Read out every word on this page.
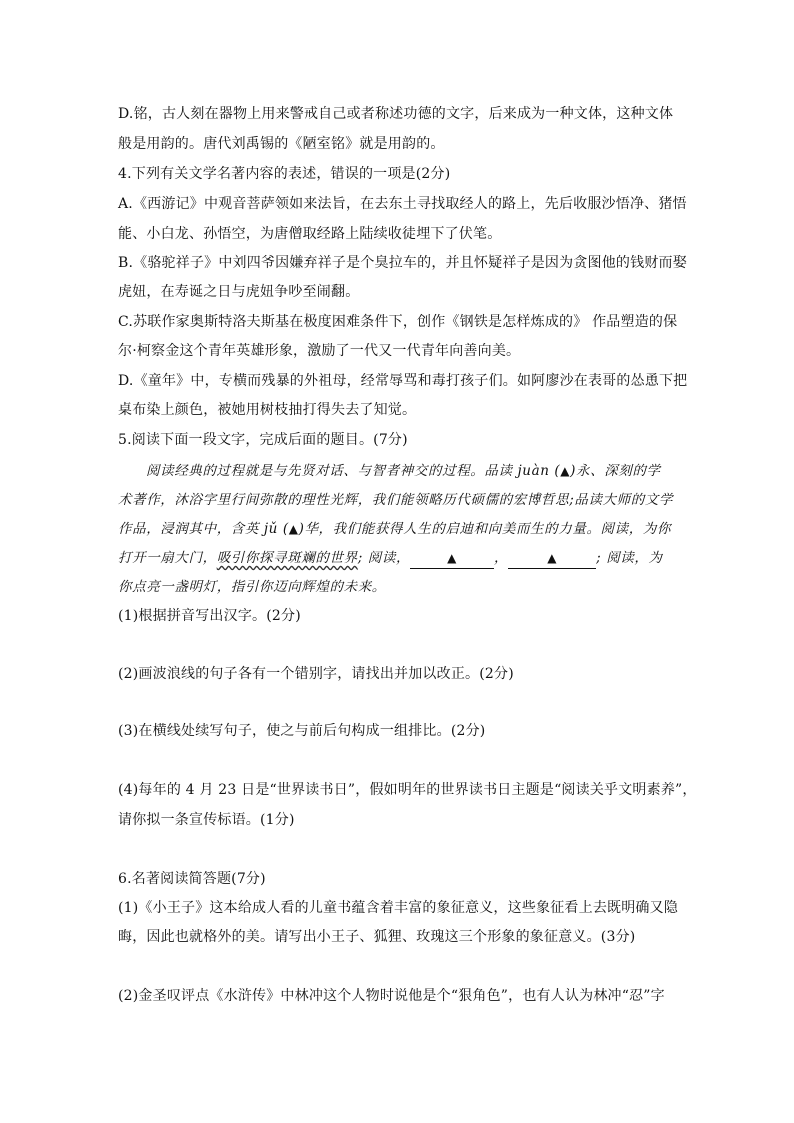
D.铭，古人刻在器物上用来警戒自己或者称述功德的文字，后来成为一种文体，这种文体
般是用韵的。唐代刘禹锡的《陋室铭》就是用韵的。
4.下列有关文学名著内容的表述，错误的一项是(2分)
A.《西游记》中观音菩萨领如来法旨，在去东土寻找取经人的路上，先后收服沙悟净、猪悟
能、小白龙、孙悟空，为唐僧取经路上陆续收徒埋下了伏笔。
B.《骆驼祥子》中刘四爷因嫌弃祥子是个臭拉车的，并且怀疑祥子是因为贪图他的钱财而娶
虎妞，在寿诞之日与虎妞争吵至闹翻。
C.苏联作家奥斯特洛夫斯基在极度困难条件下，创作《钢铁是怎样炼成的》 作品塑造的保
尔·柯察金这个青年英雄形象，激励了一代又一代青年向善向美。
D.《童年》中，专横而残暴的外祖母，经常辱骂和毒打孩子们。如阿廖沙在表哥的怂恿下把
桌布染上颜色，被她用树枝抽打得失去了知觉。
5.阅读下面一段文字，完成后面的题目。(7分)
阅读经典的过程就是与先贤对话、与智者神交的过程。品读 juàn (▲)永、深刻的学
术著作，沐浴字里行间弥散的理性光辉，我们能领略历代硕儒的宏博哲思;品读大师的文学
作品，浸润其中，含英 jǔ (▲)华，我们能获得人生的启迪和向美而生的力量。阅读，为你
打开一扇大门，吸引你探寻斑斓的世界; 阅读，	▲	，	▲	; 阅读，为
你点亮一盏明灯，指引你迈向辉煌的未来。
(1)根据拼音写出汉字。(2分)
(2)画波浪线的句子各有一个错别字，请找出并加以改正。(2分)
(3)在横线处续写句子，使之与前后句构成一组排比。(2分)
(4)每年的 4 月 23 日是“世界读书日”，假如明年的世界读书日主题是“阅读关乎文明素养”，
请你拟一条宣传标语。(1分)
6.名著阅读简答题(7分)
(1)《小王子》这本给成人看的儿童书蕴含着丰富的象征意义，这些象征看上去既明确又隐
晦，因此也就格外的美。请写出小王子、狐狸、玫瑰这三个形象的象征意义。(3分)
(2)金圣叹评点《水浒传》中林冲这个人物时说他是个“狠角色”，也有人认为林冲“忍”字
